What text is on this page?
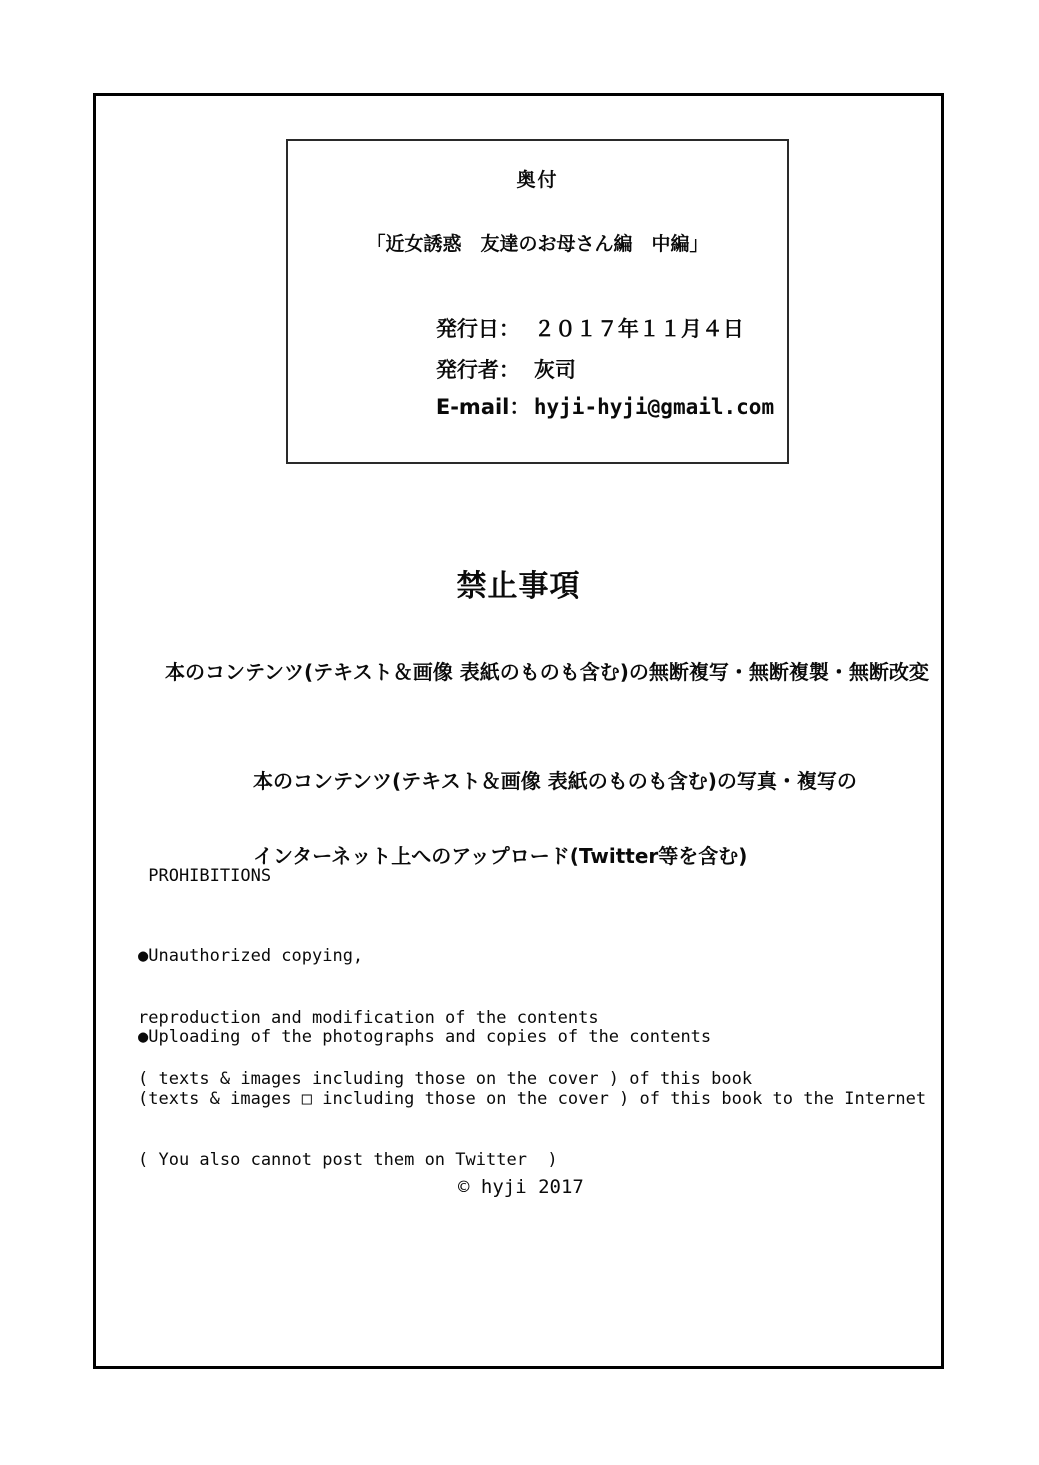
奥付
「近女誘惑　友達のお母さん編　中編」

発行日： ２０１７年１１月４日

発行者： 灰司

E-mail： hyji-hyji@gmail.com

禁止事項
本のコンテンツ(テキスト＆画像 表紙のものも含む)の無断複写・無断複製・無断改変

本のコンテンツ(テキスト＆画像 表紙のものも含む)の写真・複写の

インターネット上へのアップロード(Twitter等を含む)

PROHIBITIONS

●Unauthorized copying,

reproduction and modification of the contents

( texts & images including those on the cover ) of this book

●Uploading of the photographs and copies of the contents

(texts & images □ including those on the cover ) of this book to the Internet

( You also cannot post them on Twitter  )

© hyji 2017
